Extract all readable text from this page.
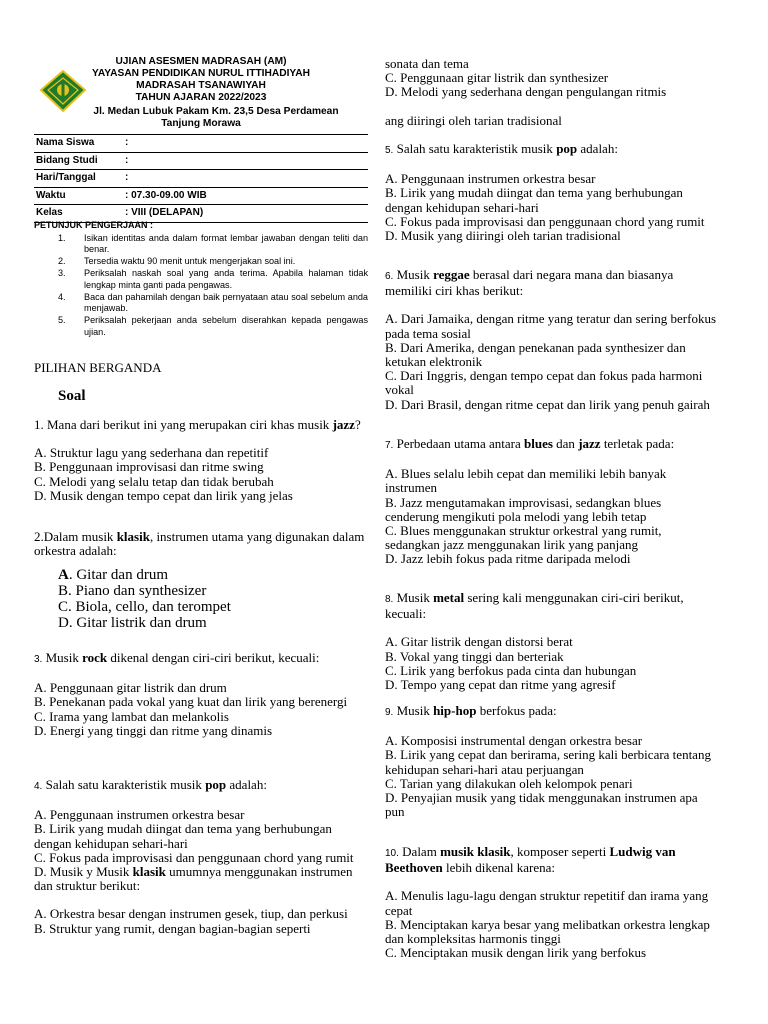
UJIAN ASESMEN MADRASAH (AM)
YAYASAN PENDIDIKAN NURUL ITTIHADIYAH
MADRASAH TSANAWIYAH
TAHUN AJARAN 2022/2023
Jl. Medan Lubuk Pakam Km. 23,5 Desa Perdamean
Tanjung Morawa
Nama Siswa	:
Bidang Studi	:
Hari/Tanggal	:
Waktu	: 07.30-09.00 WIB
Kelas	: VIII (DELAPAN)
PETUNJUK PENGERJAAN :
1. Isikan identitas anda dalam format lembar jawaban dengan teliti dan benar.
2. Tersedia waktu 90 menit untuk mengerjakan soal ini.
3. Periksalah naskah soal yang anda terima. Apabila halaman tidak lengkap minta ganti pada pengawas.
4. Baca dan pahamilah dengan baik pernyataan atau soal sebelum anda menjawab.
5. Periksalah pekerjaan anda sebelum diserahkan kepada pengawas ujian.
PILIHAN BERGANDA
Soal

1. Mana dari berikut ini yang merupakan ciri khas musik jazz?

A. Struktur lagu yang sederhana dan repetitif

B. Penggunaan improvisasi dan ritme swing

C. Melodi yang selalu tetap dan tidak berubah

D. Musik dengan tempo cepat dan lirik yang jelas

2.Dalam musik klasik, instrumen utama yang digunakan dalam orkestra adalah:

A. Gitar dan drum

B. Piano dan synthesizer

C. Biola, cello, dan terompet

D. Gitar listrik dan drum

3. Musik rock dikenal dengan ciri-ciri berikut, kecuali:

A. Penggunaan gitar listrik dan drum

B. Penekanan pada vokal yang kuat dan lirik yang berenergi

C. Irama yang lambat dan melankolis

D. Energi yang tinggi dan ritme yang dinamis

4. Salah satu karakteristik musik pop adalah:

A. Penggunaan instrumen orkestra besar

B. Lirik yang mudah diingat dan tema yang berhubungan dengan kehidupan sehari-hari

C. Fokus pada improvisasi dan penggunaan chord yang rumit

D. Musik y Musik klasik umumnya menggunakan instrumen dan struktur berikut:

A. Orkestra besar dengan instrumen gesek, tiup, dan perkusi

B. Struktur yang rumit, dengan bagian-bagian seperti

sonata dan tema

C. Penggunaan gitar listrik dan synthesizer

D. Melodi yang sederhana dengan pengulangan ritmis

ang diiringi oleh tarian tradisional

5. Salah satu karakteristik musik pop adalah:

A. Penggunaan instrumen orkestra besar

B. Lirik yang mudah diingat dan tema yang berhubungan dengan kehidupan sehari-hari

C. Fokus pada improvisasi dan penggunaan chord yang rumit

D. Musik yang diiringi oleh tarian tradisional

6. Musik reggae berasal dari negara mana dan biasanya memiliki ciri khas berikut:

A. Dari Jamaika, dengan ritme yang teratur dan sering berfokus pada tema sosial

B. Dari Amerika, dengan penekanan pada synthesizer dan ketukan elektronik

C. Dari Inggris, dengan tempo cepat dan fokus pada harmoni vokal

D. Dari Brasil, dengan ritme cepat dan lirik yang penuh gairah

7. Perbedaan utama antara blues dan jazz terletak pada:

A. Blues selalu lebih cepat dan memiliki lebih banyak instrumen

B. Jazz mengutamakan improvisasi, sedangkan blues cenderung mengikuti pola melodi yang lebih tetap

C. Blues menggunakan struktur orkestral yang rumit, sedangkan jazz menggunakan lirik yang panjang

D. Jazz lebih fokus pada ritme daripada melodi

8. Musik metal sering kali menggunakan ciri-ciri berikut, kecuali:

A. Gitar listrik dengan distorsi berat

B. Vokal yang tinggi dan berteriak

C. Lirik yang berfokus pada cinta dan hubungan

D. Tempo yang cepat dan ritme yang agresif

9. Musik hip-hop berfokus pada:

A. Komposisi instrumental dengan orkestra besar

B. Lirik yang cepat dan berirama, sering kali berbicara tentang kehidupan sehari-hari atau perjuangan

C. Tarian yang dilakukan oleh kelompok penari

D. Penyajian musik yang tidak menggunakan instrumen apa pun

10. Dalam musik klasik, komposer seperti Ludwig van Beethoven lebih dikenal karena:

A. Menulis lagu-lagu dengan struktur repetitif dan irama yang cepat

B. Menciptakan karya besar yang melibatkan orkestra lengkap dan kompleksitas harmonis tinggi

C. Menciptakan musik dengan lirik yang berfokus
